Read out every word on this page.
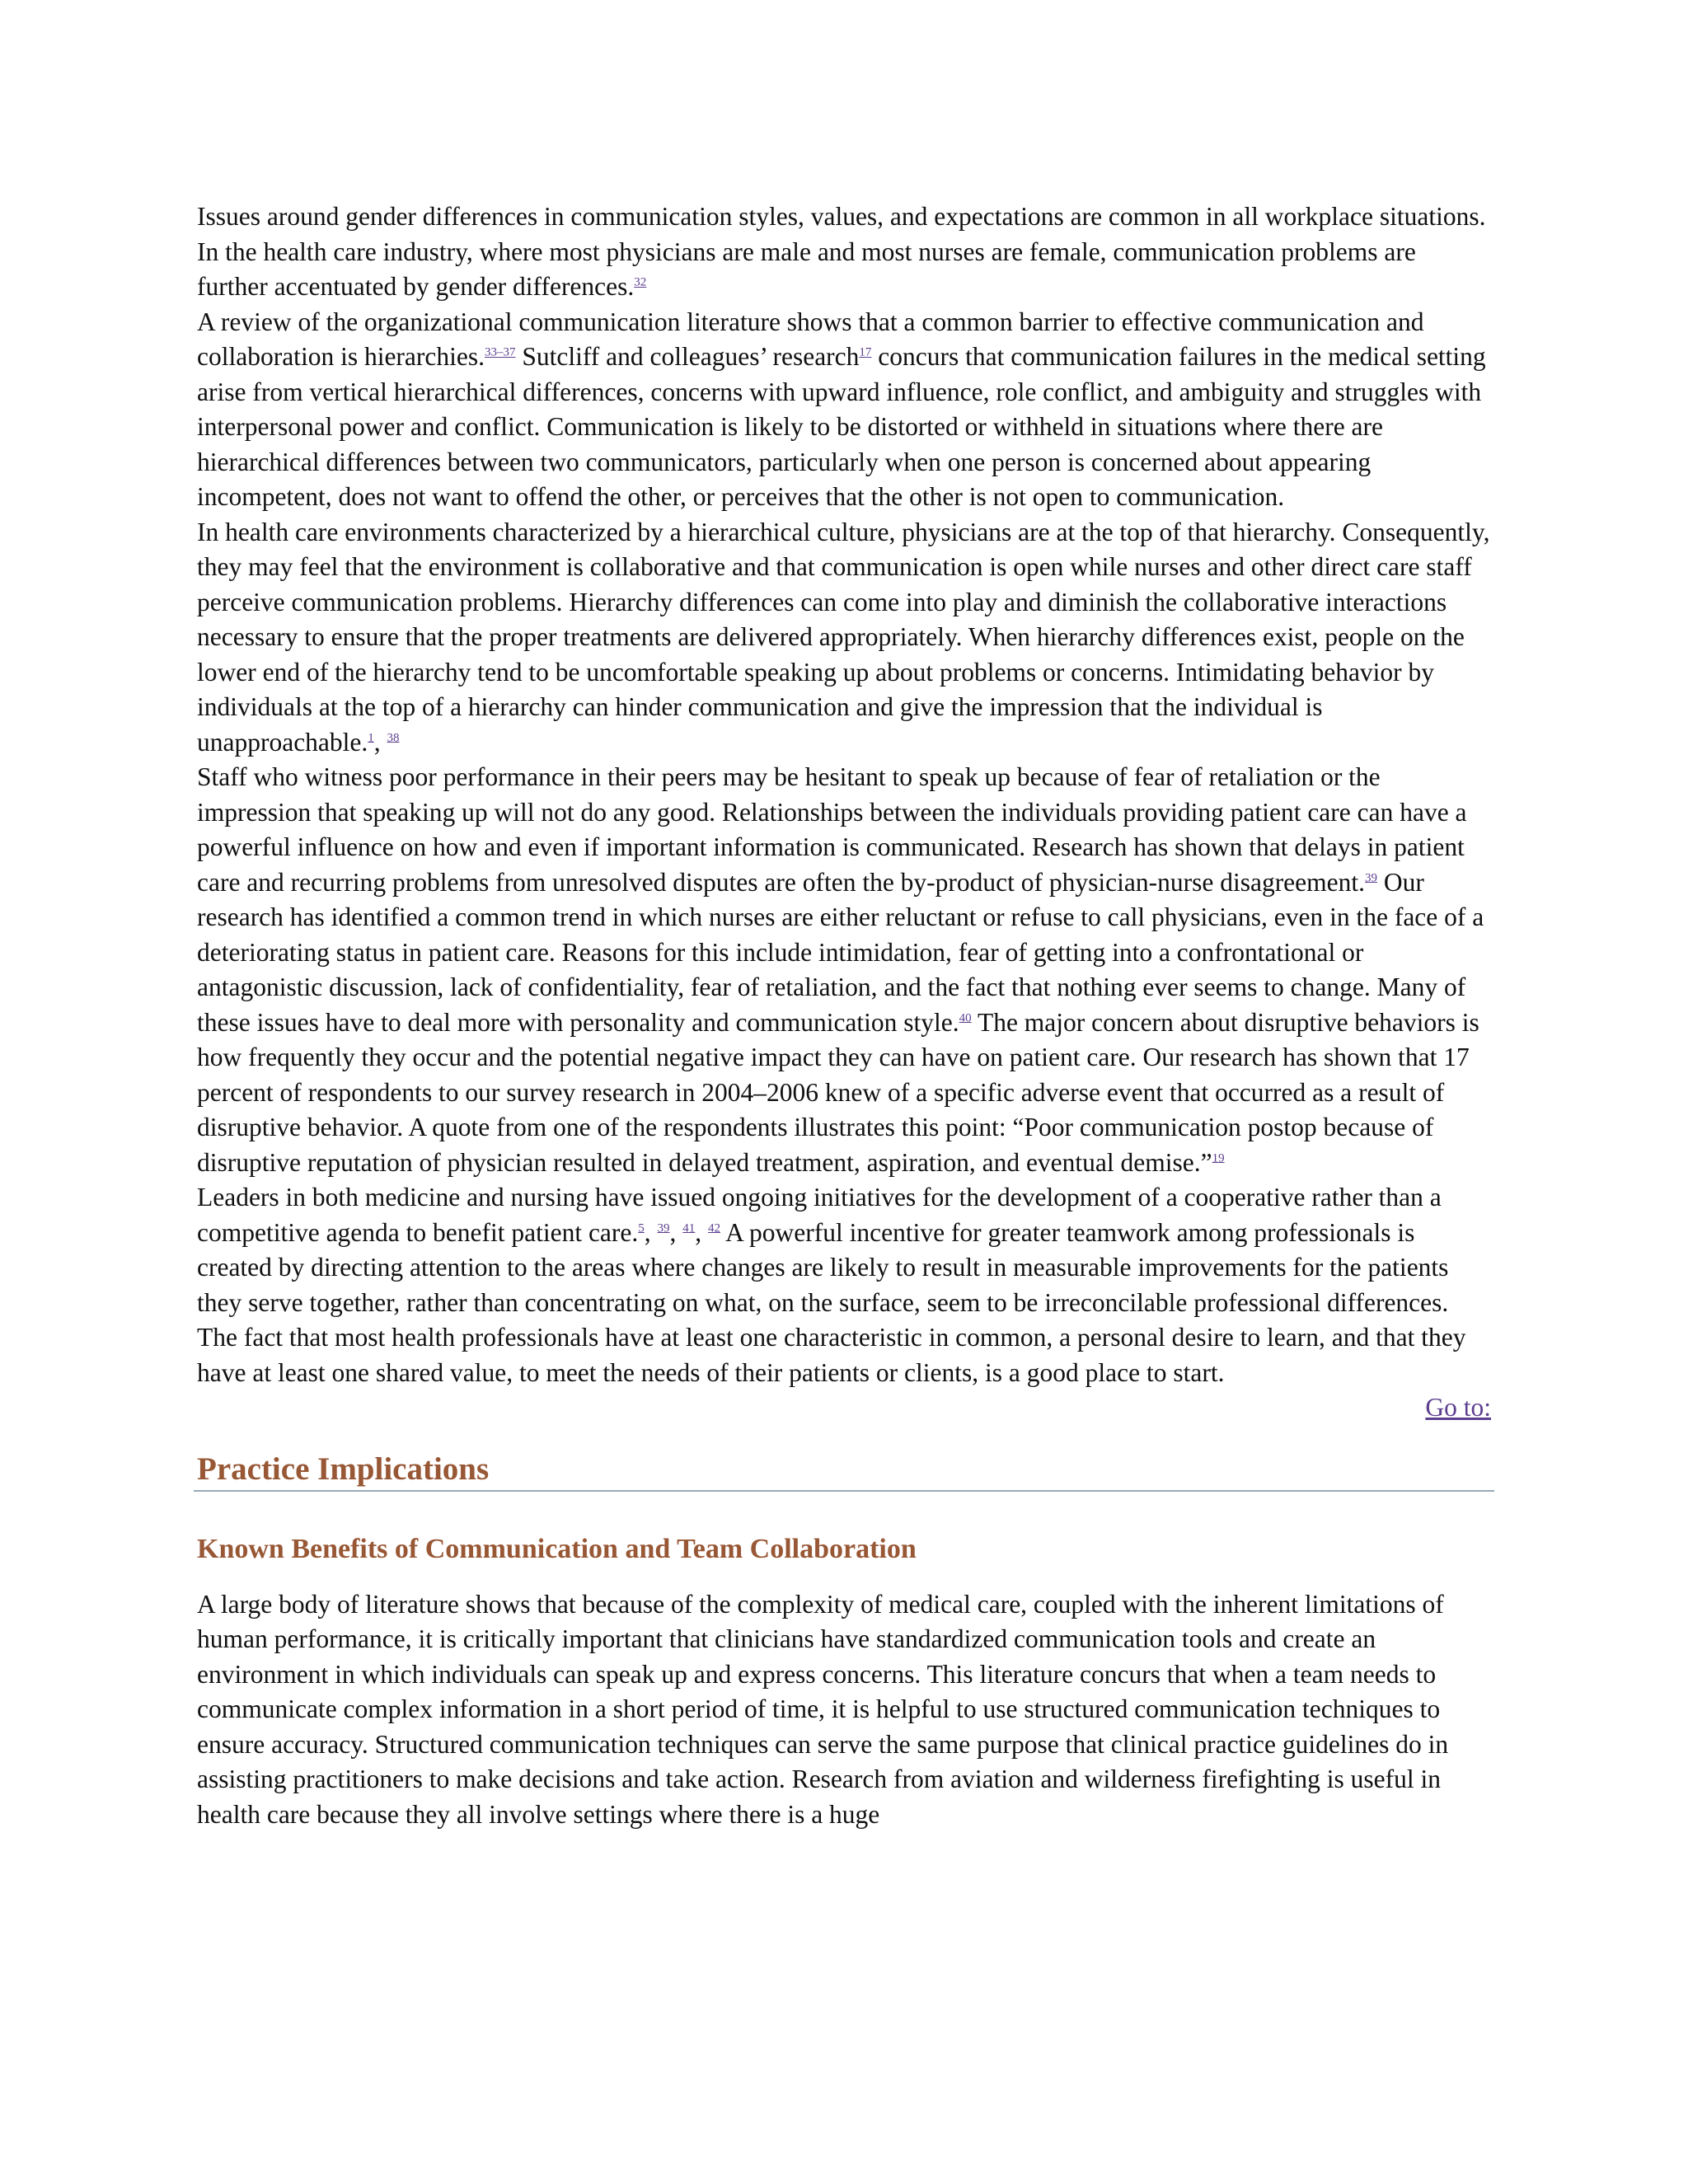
Issues around gender differences in communication styles, values, and expectations are common in all workplace situations. In the health care industry, where most physicians are male and most nurses are female, communication problems are further accentuated by gender differences.$^{32}$

A review of the organizational communication literature shows that a common barrier to effective communication and collaboration is hierarchies.$^{33-37}$ Sutcliff and colleagues’ research$^{17}$ concurs that communication failures in the medical setting arise from vertical hierarchical differences, concerns with upward influence, role conflict, and ambiguity and struggles with interpersonal power and conflict. Communication is likely to be distorted or withheld in situations where there are hierarchical differences between two communicators, particularly when one person is concerned about appearing incompetent, does not want to offend the other, or perceives that the other is not open to communication.

In health care environments characterized by a hierarchical culture, physicians are at the top of that hierarchy. Consequently, they may feel that the environment is collaborative and that communication is open while nurses and other direct care staff perceive communication problems. Hierarchy differences can come into play and diminish the collaborative interactions necessary to ensure that the proper treatments are delivered appropriately. When hierarchy differences exist, people on the lower end of the hierarchy tend to be uncomfortable speaking up about problems or concerns. Intimidating behavior by individuals at the top of a hierarchy can hinder communication and give the impression that the individual is unapproachable.$^1$, $^{38}$

Staff who witness poor performance in their peers may be hesitant to speak up because of fear of retaliation or the impression that speaking up will not do any good. Relationships between the individuals providing patient care can have a powerful influence on how and even if important information is communicated. Research has shown that delays in patient care and recurring problems from unresolved disputes are often the by-product of physician-nurse disagreement.$^{39}$ Our research has identified a common trend in which nurses are either reluctant or refuse to call physicians, even in the face of a deteriorating status in patient care. Reasons for this include intimidation, fear of getting into a confrontational or antagonistic discussion, lack of confidentiality, fear of retaliation, and the fact that nothing ever seems to change. Many of these issues have to deal more with personality and communication style.$^{40}$ The major concern about disruptive behaviors is how frequently they occur and the potential negative impact they can have on patient care. Our research has shown that 17 percent of respondents to our survey research in 2004–2006 knew of a specific adverse event that occurred as a result of disruptive behavior. A quote from one of the respondents illustrates this point: “Poor communication postop because of disruptive reputation of physician resulted in delayed treatment, aspiration, and eventual demise.”$^{19}$

Leaders in both medicine and nursing have issued ongoing initiatives for the development of a cooperative rather than a competitive agenda to benefit patient care.$^5$, $^{39}$, $^{41}$, $^{42}$ A powerful incentive for greater teamwork among professionals is created by directing attention to the areas where changes are likely to result in measurable improvements for the patients they serve together, rather than concentrating on what, on the surface, seem to be irreconcilable professional differences. The fact that most health professionals have at least one characteristic in common, a personal desire to learn, and that they have at least one shared value, to meet the needs of their patients or clients, is a good place to start.

Go to:
Practice Implications
Known Benefits of Communication and Team Collaboration

A large body of literature shows that because of the complexity of medical care, coupled with the inherent limitations of human performance, it is critically important that clinicians have standardized communication tools and create an environment in which individuals can speak up and express concerns. This literature concurs that when a team needs to communicate complex information in a short period of time, it is helpful to use structured communication techniques to ensure accuracy. Structured communication techniques can serve the same purpose that clinical practice guidelines do in assisting practitioners to make decisions and take action. Research from aviation and wilderness firefighting is useful in health care because they all involve settings where there is a huge
